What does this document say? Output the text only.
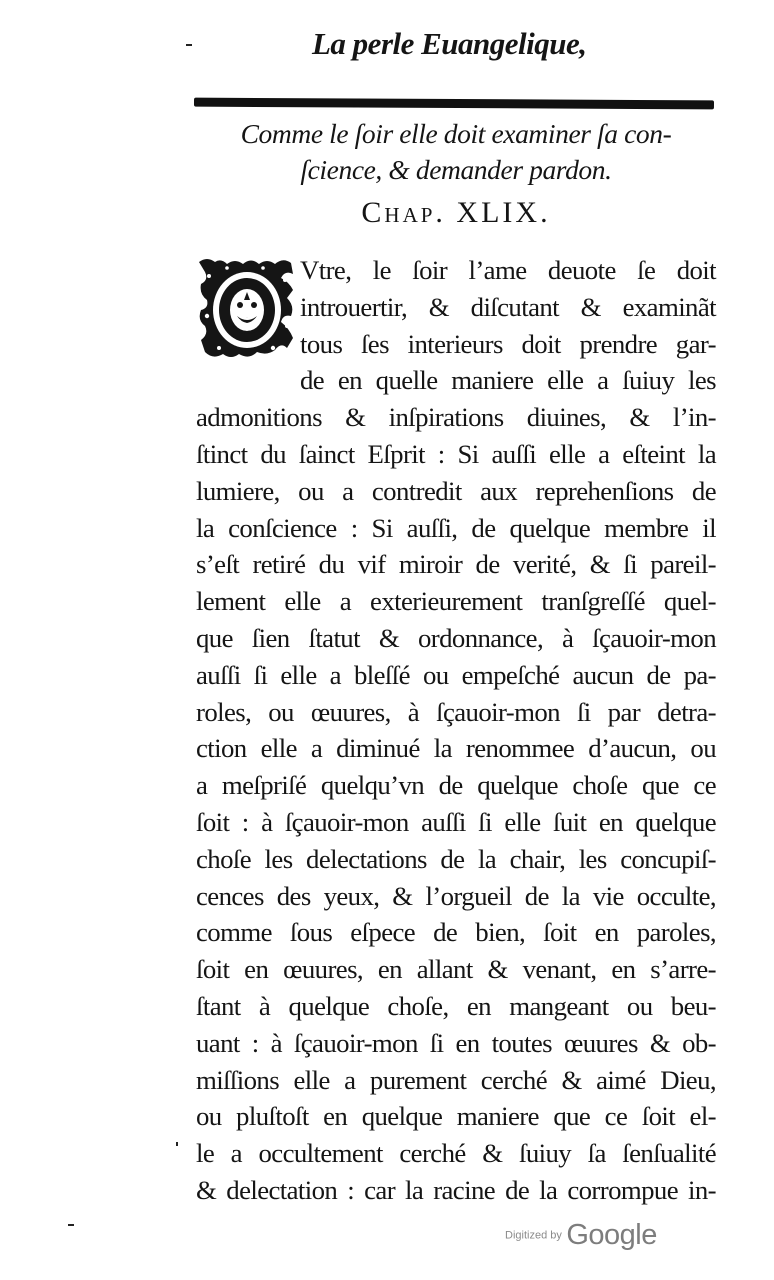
La perle Euangelique,
Comme le ſoir elle doit examiner ſa con-
ſcience, & demander pardon.
Chap. XLIX.
O
Vtre, le ſoir l’ame deuote ſe doit
introuertir, & diſcutant & examinãt
tous ſes interieurs doit prendre gar-
de en quelle maniere elle a ſuiuy les
admonitions & inſpirations diuines, & l’in-
ſtinct du ſainct Eſprit : Si auſſi elle a eſteint la
lumiere, ou a contredit aux reprehenſions de
la conſcience : Si auſſi, de quelque membre il
s’eſt retiré du vif miroir de verité, & ſi pareil-
lement elle a exterieurement tranſgreſſé quel-
que ſien ſtatut & ordonnance, à ſçauoir-mon
auſſi ſi elle a bleſſé ou empeſché aucun de pa-
roles, ou œuures, à ſçauoir-mon ſi par detra-
ction elle a diminué la renommee d’aucun, ou
a meſpriſé quelqu’vn de quelque choſe que ce
ſoit : à ſçauoir-mon auſſi ſi elle ſuit en quelque
choſe les delectations de la chair, les concupiſ-
cences des yeux, & l’orgueil de la vie occulte,
comme ſous eſpece de bien, ſoit en paroles,
ſoit en œuures, en allant & venant, en s’arre-
ſtant à quelque choſe, en mangeant ou beu-
uant : à ſçauoir-mon ſi en toutes œuures & ob-
miſſions elle a purement cerché & aimé Dieu,
ou pluſtoſt en quelque maniere que ce ſoit el-
le a occultement cerché & ſuiuy ſa ſenſualité
& delectation : car la racine de la corrompue in-
Digitized by Google
